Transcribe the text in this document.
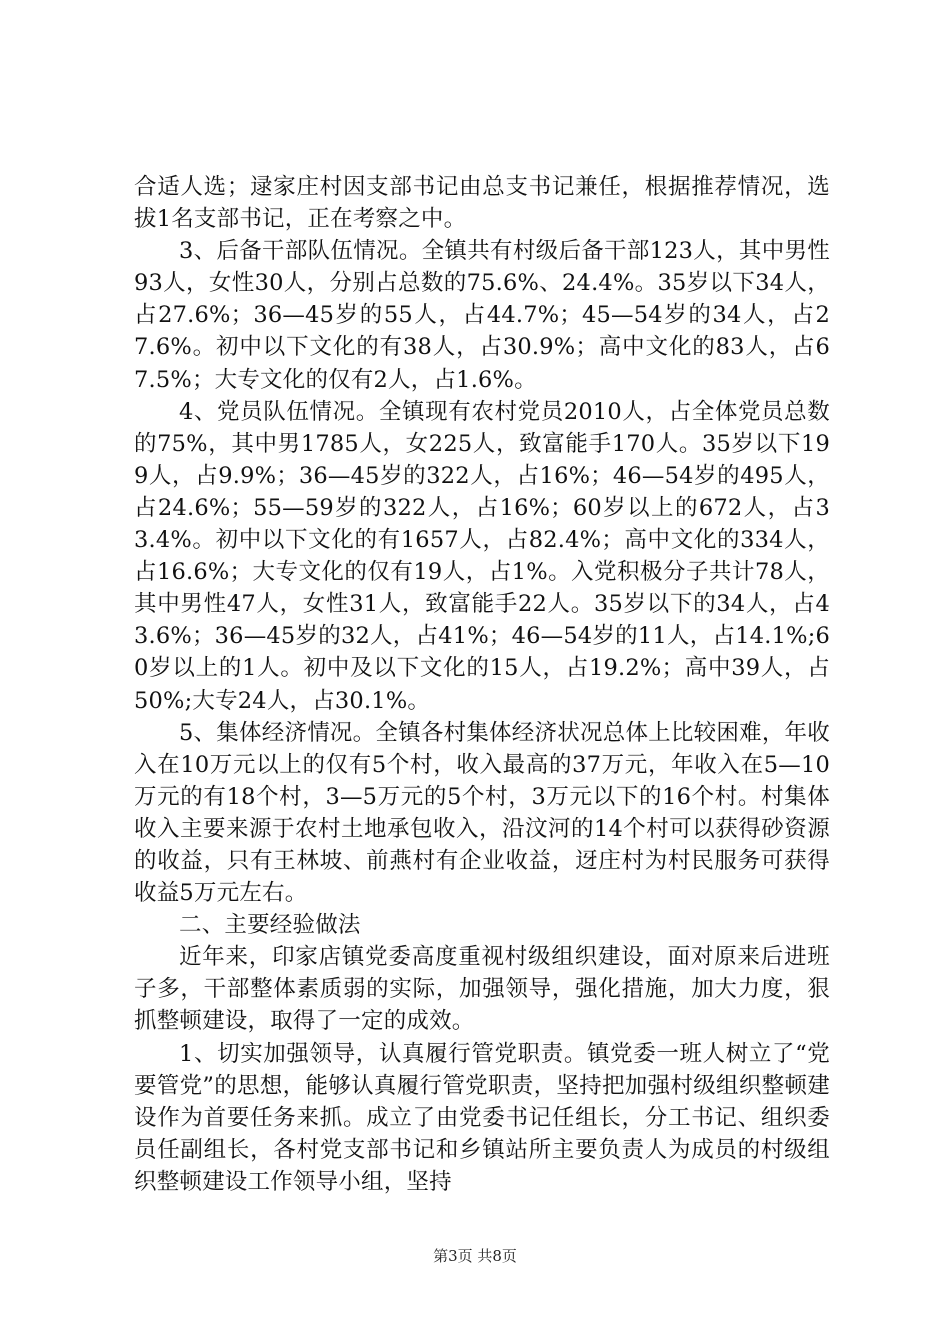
合适人选；逯家庄村因支部书记由总支书记兼任，根据推荐情况，选拔1名支部书记，正在考察之中。

3、后备干部队伍情况。全镇共有村级后备干部123人，其中男性93人，女性30人，分别占总数的75.6%、24.4%。35岁以下34人，占27.6%；36—45岁的55人，占44.7%；45—54岁的34人，占27.6%。初中以下文化的有38人，占30.9%；高中文化的83人，占67.5%；大专文化的仅有2人，占1.6%。

4、党员队伍情况。全镇现有农村党员2010人，占全体党员总数的75%，其中男1785人，女225人，致富能手170人。35岁以下199人，占9.9%；36—45岁的322人，占16%；46—54岁的495人，占24.6%；55—59岁的322人，占16%；60岁以上的672人，占33.4%。初中以下文化的有1657人，占82.4%；高中文化的334人，占16.6%；大专文化的仅有19人，占1%。入党积极分子共计78人，其中男性47人，女性31人，致富能手22人。35岁以下的34人，占43.6%；36—45岁的32人，占41%；46—54岁的11人，占14.1%;60岁以上的1人。初中及以下文化的15人，占19.2%；高中39人，占50%;大专24人，占30.1%。

5、集体经济情况。全镇各村集体经济状况总体上比较困难，年收入在10万元以上的仅有5个村，收入最高的37万元，年收入在5—10万元的有18个村，3—5万元的5个村，3万元以下的16个村。村集体收入主要来源于农村土地承包收入，沿汶河的14个村可以获得砂资源的收益，只有王林坡、前燕村有企业收益，迓庄村为村民服务可获得收益5万元左右。

二、主要经验做法

近年来，印家店镇党委高度重视村级组织建设，面对原来后进班子多，干部整体素质弱的实际，加强领导，强化措施，加大力度，狠抓整顿建设，取得了一定的成效。

1、切实加强领导，认真履行管党职责。镇党委一班人树立了“党要管党”的思想，能够认真履行管党职责，坚持把加强村级组织整顿建设作为首要任务来抓。成立了由党委书记任组长，分工书记、组织委员任副组长，各村党支部书记和乡镇站所主要负责人为成员的村级组织整顿建设工作领导小组，坚持

第3页 共8页
